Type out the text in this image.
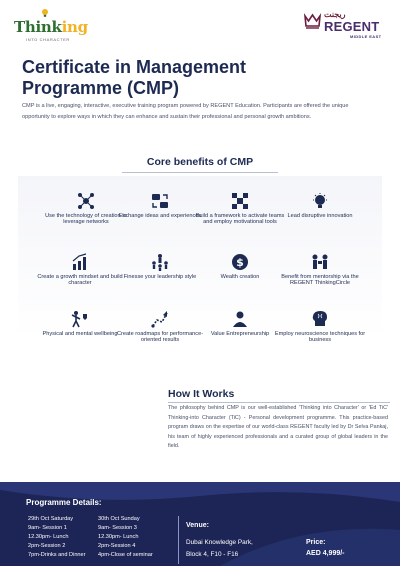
Thinking
INTO CHARACTER
ريجنت
REGENT
MIDDLE EAST
Certificate in Management
Programme (CMP)

CMP is a live, engaging, interactive, executive training program powered by REGENT Education. Participants are offered the unique opportunity to explore ways in which they can enhance and sustain their professional and personal growth ambitions.

Core benefits of CMP
Use the technology of creation to leverage networks
Exchange ideas and experiences
Build a framework to activate teams and employ motivational tools
Lead disruptive innovation
Create a growth mindset and build character
Finesse your leadership style
$
Wealth creation	Benefit from mentorship via the REGENT ThinkingCircle
Physical and mental wellbeing Create roadmaps for performance-oriented results
Value Entrepreneurship	Employ neuroscience techniques for business
How It Works

The philosophy behind CMP is our well-established 'Thinking into Character' or 'Ed TiC' Thinking-into Character (TiC) - Personal development programme. This practice-based program draws on the expertise of our world-class REGENT faculty led by Dr Selva Pankaj, his team of highly experienced professionals and a curated group of global leaders in the field.

Programme Details:
29th Oct Saturday
9am- Session 1
12.30pm- Lunch
2pm-Session 2
7pm-Drinks and Dinner
30th Oct Sunday
9am- Session 3
12.30pm- Lunch
2pm-Session 4
4pm-Close of seminar
Venue:
Dubai Knowledge Park,
Block 4, F10 - F16
Price:
AED 4,999/-
